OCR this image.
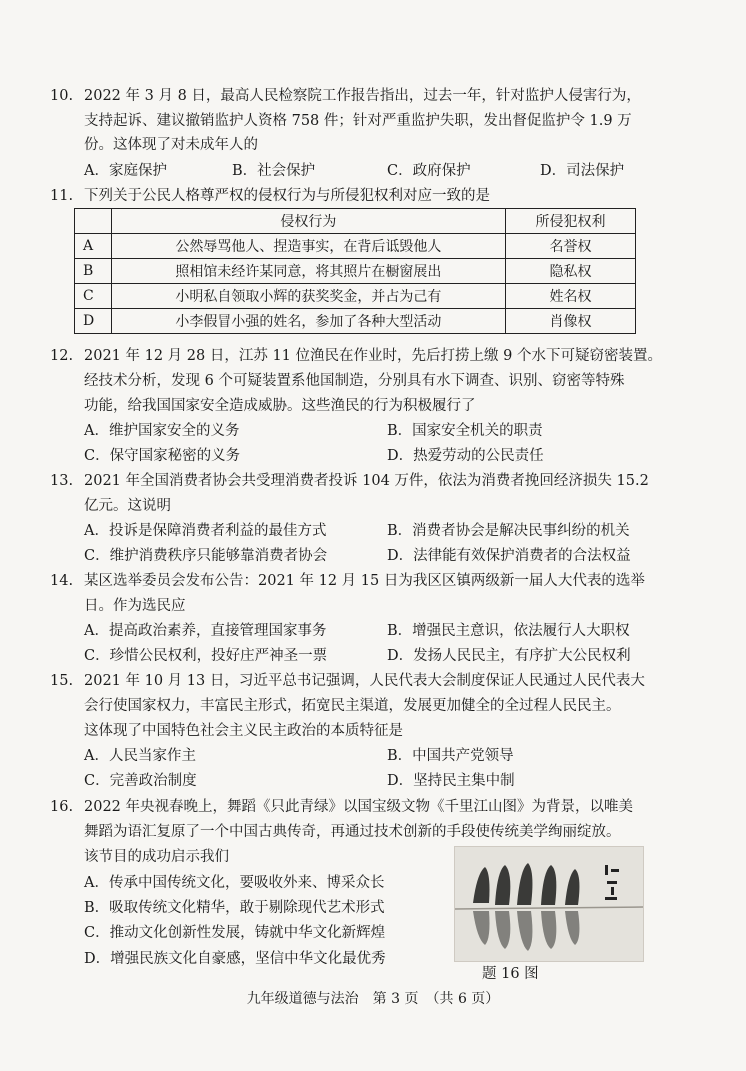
10. 2022 年 3 月 8 日，最高人民检察院工作报告指出，过去一年，针对监护人侵害行为，
支持起诉、建议撤销监护人资格 758 件；针对严重监护失职，发出督促监护令 1.9 万
份。这体现了对未成年人的
A．家庭保护	B．社会保护	C．政府保护	D．司法保护
11. 下列关于公民人格尊严权的侵权行为与所侵犯权利对应一致的是
	侵权行为	所侵犯权利
A	公然辱骂他人、捏造事实，在背后诋毁他人	名誉权
B	照相馆未经许某同意，将其照片在橱窗展出	隐私权
C	小明私自领取小辉的获奖奖金，并占为己有	姓名权
D	小李假冒小强的姓名，参加了各种大型活动	肖像权
12. 2021 年 12 月 28 日，江苏 11 位渔民在作业时，先后打捞上缴 9 个水下可疑窃密装置。
经技术分析，发现 6 个可疑装置系他国制造，分别具有水下调查、识别、窃密等特殊
功能，给我国国家安全造成威胁。这些渔民的行为积极履行了
A．维护国家安全的义务	B．国家安全机关的职责
C．保守国家秘密的义务	D．热爱劳动的公民责任
13. 2021 年全国消费者协会共受理消费者投诉 104 万件，依法为消费者挽回经济损失 15.2
亿元。这说明
A．投诉是保障消费者利益的最佳方式	B．消费者协会是解决民事纠纷的机关
C．维护消费秩序只能够靠消费者协会	D．法律能有效保护消费者的合法权益
14. 某区选举委员会发布公告：2021 年 12 月 15 日为我区区镇两级新一届人大代表的选举
日。作为选民应
A．提高政治素养，直接管理国家事务	B．增强民主意识，依法履行人大职权
C．珍惜公民权利，投好庄严神圣一票	D．发扬人民民主，有序扩大公民权利
15. 2021 年 10 月 13 日，习近平总书记强调，人民代表大会制度保证人民通过人民代表大
会行使国家权力，丰富民主形式，拓宽民主渠道，发展更加健全的全过程人民民主。
这体现了中国特色社会主义民主政治的本质特征是
A．人民当家作主	B．中国共产党领导
C．完善政治制度	D．坚持民主集中制
16. 2022 年央视春晚上，舞蹈《只此青绿》以国宝级文物《千里江山图》为背景，以唯美
舞蹈为语汇复原了一个中国古典传奇，再通过技术创新的手段使传统美学绚丽绽放。
该节目的成功启示我们
A．传承中国传统文化，要吸收外来、博采众长
B．吸取传统文化精华，敢于剔除现代艺术形式
C．推动文化创新性发展，铸就中华文化新辉煌
D．增强民族文化自豪感，坚信中华文化最优秀
题 16 图
九年级道德与法治　第 3 页　（共 6 页）
